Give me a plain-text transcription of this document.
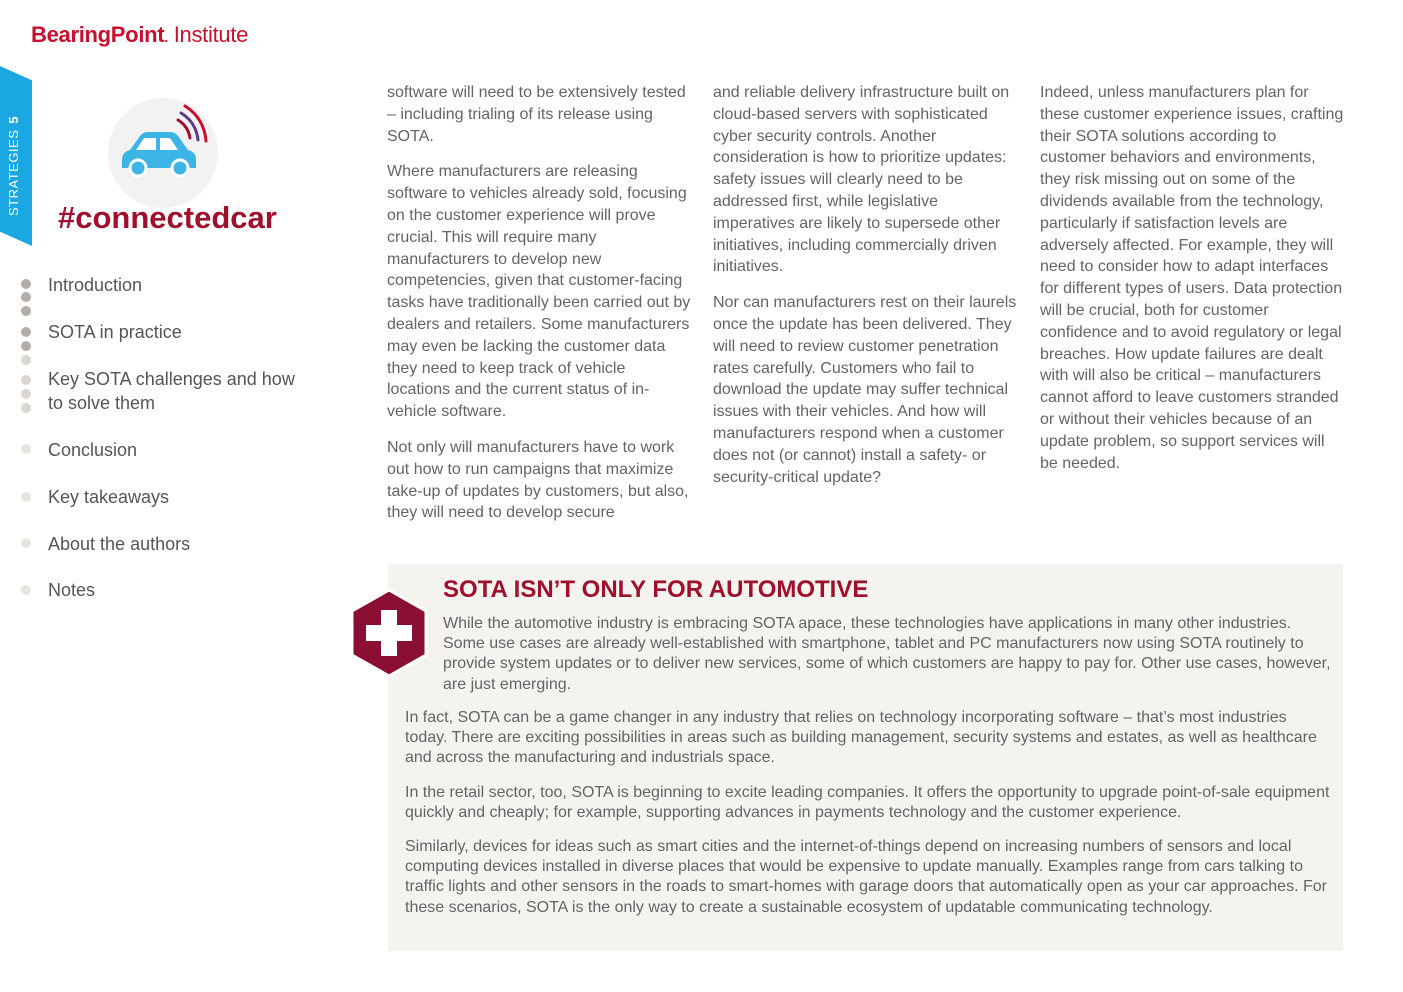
BearingPoint. Institute
STRATEGIES5
#connectedcar
Introduction
SOTA in practice
Key SOTA challenges and how
to solve them
Conclusion
Key takeaways
About the authors
Notes

software will need to be extensively tested – including trialing of its release using SOTA.

Where manufacturers are releasing software to vehicles already sold, focusing on the customer experience will prove crucial. This will require many manufacturers to develop new competencies, given that customer-facing tasks have traditionally been carried out by dealers and retailers. Some manufacturers may even be lacking the customer data they need to keep track of vehicle locations and the current status of in-vehicle software.

Not only will manufacturers have to work out how to run campaigns that maximize take-up of updates by customers, but also, they will need to develop secure

and reliable delivery infrastructure built on cloud-based servers with sophisticated cyber security controls. Another consideration is how to prioritize updates: safety issues will clearly need to be addressed first, while legislative imperatives are likely to supersede other initiatives, including commercially driven initiatives.

Nor can manufacturers rest on their laurels once the update has been delivered. They will need to review customer penetration rates carefully. Customers who fail to download the update may suffer technical issues with their vehicles. And how will manufacturers respond when a customer does not (or cannot) install a safety- or security-critical update?

Indeed, unless manufacturers plan for these customer experience issues, crafting their SOTA solutions according to customer behaviors and environments, they risk missing out on some of the dividends available from the technology, particularly if satisfaction levels are adversely affected. For example, they will need to consider how to adapt interfaces for different types of users. Data protection will be crucial, both for customer confidence and to avoid regulatory or legal breaches. How update failures are dealt with will also be critical – manufacturers cannot afford to leave customers stranded or without their vehicles because of an update problem, so support services will be needed.

SOTA ISN’T ONLY FOR AUTOMOTIVE

While the automotive industry is embracing SOTA apace, these technologies have applications in many other industries. Some use cases are already well-established with smartphone, tablet and PC manufacturers now using SOTA routinely to provide system updates or to deliver new services, some of which customers are happy to pay for. Other use cases, however, are just emerging.

In fact, SOTA can be a game changer in any industry that relies on technology incorporating software – that’s most industries today. There are exciting possibilities in areas such as building management, security systems and estates, as well as healthcare and across the manufacturing and industrials space.

In the retail sector, too, SOTA is beginning to excite leading companies. It offers the opportunity to upgrade point-of-sale equipment quickly and cheaply; for example, supporting advances in payments technology and the customer experience.

Similarly, devices for ideas such as smart cities and the internet-of-things depend on increasing numbers of sensors and local computing devices installed in diverse places that would be expensive to update manually. Examples range from cars talking to traffic lights and other sensors in the roads to smart-homes with garage doors that automatically open as your car approaches. For these scenarios, SOTA is the only way to create a sustainable ecosystem of updatable communicating technology.
